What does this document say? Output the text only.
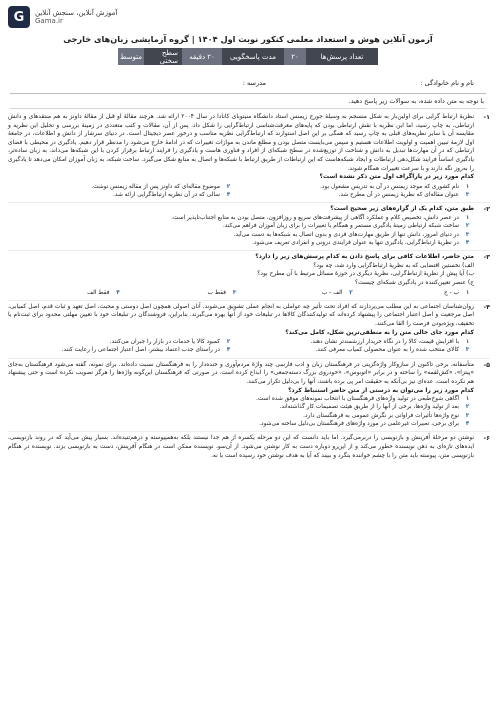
G	آموزش آنلاین، سنجش آنلاین
Gama.ir
آزمون آنلاین هوش و استعداد معلمی کنکور نوبت اول ۱۴۰۴ | گروه آزمایشی زبان‌های خارجی
تعداد پرسش‌ها
۲۰
مدت پاسخگویی
۲۰ دقیقه
سطح سختی
متوسط
نام و نام خانوادگی :
مدرسه :
با توجه به متن داده شده، به سوالات زیر پاسخ دهید.
۱-
نظریهٔ ارتباط گرایی برای اولین‌بار به شکل منسجم به وسیلهٔ جورج زیمنس استاد دانشگاه منیتوبای کانادا در سال ۲۰۰۴ ارائه شد. هرچند مقالهٔ او قبل از مقالهٔ داونز به هم منتقدهای و دانش ارتباطی، به چاپ رسید، اما این نظریه با نقش ارتباطی بودن که پایه‌های معرفت‌شناسی ارتباط‌گرایی را شکل داد. پس از آن، مقالات و کتب متعددی در زمینهٔ بررسی و تحلیل این نظریه و مقایسه آن با سایر نظریه‌های قبلی به چاپ رسید که همگی بر این اصل استوارند که ارتباط‌گرایی نظریه مناسب و درخور عصر دیجیتال است. در دنیای سرشار از دانش و اطلاعات، در جامعهٔ اول لازمهٔ تبیین اهمیت و اولویت اطلاعات هستیم و سپس می‌بایست متصل بودن و مطلع ماندن به موازات تغییرات که در ادامهٔ خارج می‌شود را مدنظر قرار دهیم. یادگیری در محیطی با فضای ارتباطی که در آن مهارت‌ها تبدیل به دانش و شناخت از توزیع‌شده در سطح شبکه‌ای از افراد و فناوری هاست و یادگیری را فرایند ارتباط برقرار کردن با این شبکه‌ها می‌داند. به زبان ساده‌تر، یادگیری اساساً فرایند شکل‌دهی ارتباطات و ایجاد شبکه‌هاست که این ارتباطات از طریق ارتباط با شبکه‌ها و اتصال به منابع شکل می‌گیرد. ساخت شبکه، به زبان آموزان امکان می‌دهد تا یادگیری را به‌روز نگه دارند و با سرعت تغییرات همگام شوند.
کدام مورد زیر در پاراگراف اول متن ذکر نشده است؟
۱
نام کشوری که موجد زیمنس در آن به تدریس مشغول بود.
۲
موضوع مقاله‌ای که داونز پس از مقاله زیمنس نوشت.
۳
عنوان مقاله‌ای که نظریهٔ زیمنس در آن مطرح شد.
۴
سالی که در آن نظریه ارتباط‌گرایی ارائه شد.
۲-
طبق متن، کدام یک از گزاره‌های زیر صحیح است؟
۱
در عصر دانش، تخصیص کلام و عملکرد آگاهی از پیشرفت‌های سریع و روزافزون، متصل بودن به منابع اجتناب‌ناپذیر است.
۲
ساخت شبکه ارتباطی زمینهٔ یادگیری مستمر و همگام با تغییرات را برای زبان آموزان فراهم می‌کند.
۳
در دنیای امروز، دانش تنها از طریق مهارت‌های فردی و بدون اتصال به شبکه‌ها به دست می‌آید.
۴
در نظریهٔ ارتباط‌گرایی، یادگیری تنها به عنوان فرایندی درونی و انفرادی تعریف می‌شود.
۳-
متن حاضر، اطلاعات کافی برای پاسخ دادن به کدام پرسش‌های زیر را دارد؟
الف) نخستین اقتضایی که به نظریهٔ ارتباط‌گرایی وارد شد، چه بود؟
ب) آیا پیش از نظریهٔ ارتباط‌گرایی، نظریهٔ دیگری در حوزهٔ مسائل مرتبط با آن مطرح بود؟
ج) عنصر تعیین‌کننده در یادگیری شبکه‌ای چیست؟
۱
ب - ج
۲
الف - ب
۳
فقط ب
۴
فقط الف
۴-
روان‌شناسان اجتماعی به این مطلب می‌پردازند که افراد تحت تأثیر چه عواملی به انجام عملی تشویق می‌شوند. آنان اصولی همچون اصل دوستی و محبت، اصل تعهد و ثبات قدم، اصل کمیابی، اصل مرجعیت و اصل اعتبار اجتماعی را پیشنهاد کرده‌اند که تولیدکنندگان کالاها در تبلیغات خود از آنها بهره می‌گیرند. بنابراین، فروشندگان در تبلیغات خود با تعیین مهلتی محدود برای ثبت‌نام یا تخفیف، ویژه‌بودن فرصت را القا می‌کنند.
کدام مورد جای خالی متن را به منطقی‌ترین شکل، کامل می‌کند؟
۱
با افزایش قیمت، کالا را در نگاه خریدار ارزشمندتر نشان دهند.
۲
کمبود کالا یا خدمات در بازار را جبران می‌کنند.
۳
کالای منتخب شده را به عنوان محصولی کمیاب معرفی کنند.
۴
در راستای جذب اعتماد بیشتر، اصل اعتبار اجتماعی را رعایت کنند.
۵-
متأسفانه، برخی تاکنون از سازوکار واژه‌گزینی در فرهنگستان زبان و ادب فارسی چند واژهٔ مردم‌آوری و خنده‌دار را به فرهنگستان نسبت داده‌اند. برای نمونه، گفته می‌شود فرهنگستان به‌جای «پیتزا»، «کش‌لقمه» را ساخته و در برابر «اتوبوس»، «خودروی بزرگ دسته‌جمعی» را ابداع کرده است. در صورتی که فرهنگستان این‌گونه واژه‌ها را هرگز تصویب نکرده است و حتی پیشنهاد هم نکرده است. عده‌ای نیز بی‌آنکه به حقیقت امر پی برده باشند، آنها را بی‌دلیل تکرار می‌کنند.
کدام مورد زیر را می‌توان به درستی از متن حاضر استنباط کرد؟
۱
آگاهی شوخ‌طبعی در تولید واژه‌های فرهنگستان با انتخاب نمونه‌های موفق شده است.
۲
بعد از تولید واژه‌ها، برخی از آنها را از طریق هیئت تصمیمات کار گذاشته‌اند.
۳
نوع واژه‌ها تأثیرات فراوانی بر نگرش عمومی به فرهنگستان دارد.
۴
برای برخی، تعبیرات غیرعلمی در مورد واژه‌های فرهنگستان بی‌دلیل ساخته می‌شود.
۶-
نوشتن دو مرحلهٔ آفرینش و بازنویسی را دربرمی‌گیرد. اما باید دانست که این دو مرحله یکسره از هم جدا نیستند بلکه به‌همپیوسته و درهم‌تنیده‌اند. بسیار پیش می‌آید که در روند بازنویسی، ایده‌های تازه‌ای به ذهن نویسنده خطور می‌کند و از این‌رو دوباره دست به کار نوشتن می‌شود. از آن‌سو، نویسنده ممکن است در هنگام آفرینش، دست به بازنویسی بزند. نویسنده در هنگام بازنویسی متن، پیوسته باید متن را با چشم خواننده بنگرد و ببیند که آیا به هدف نوشتن خود رسیده است یا نه.
